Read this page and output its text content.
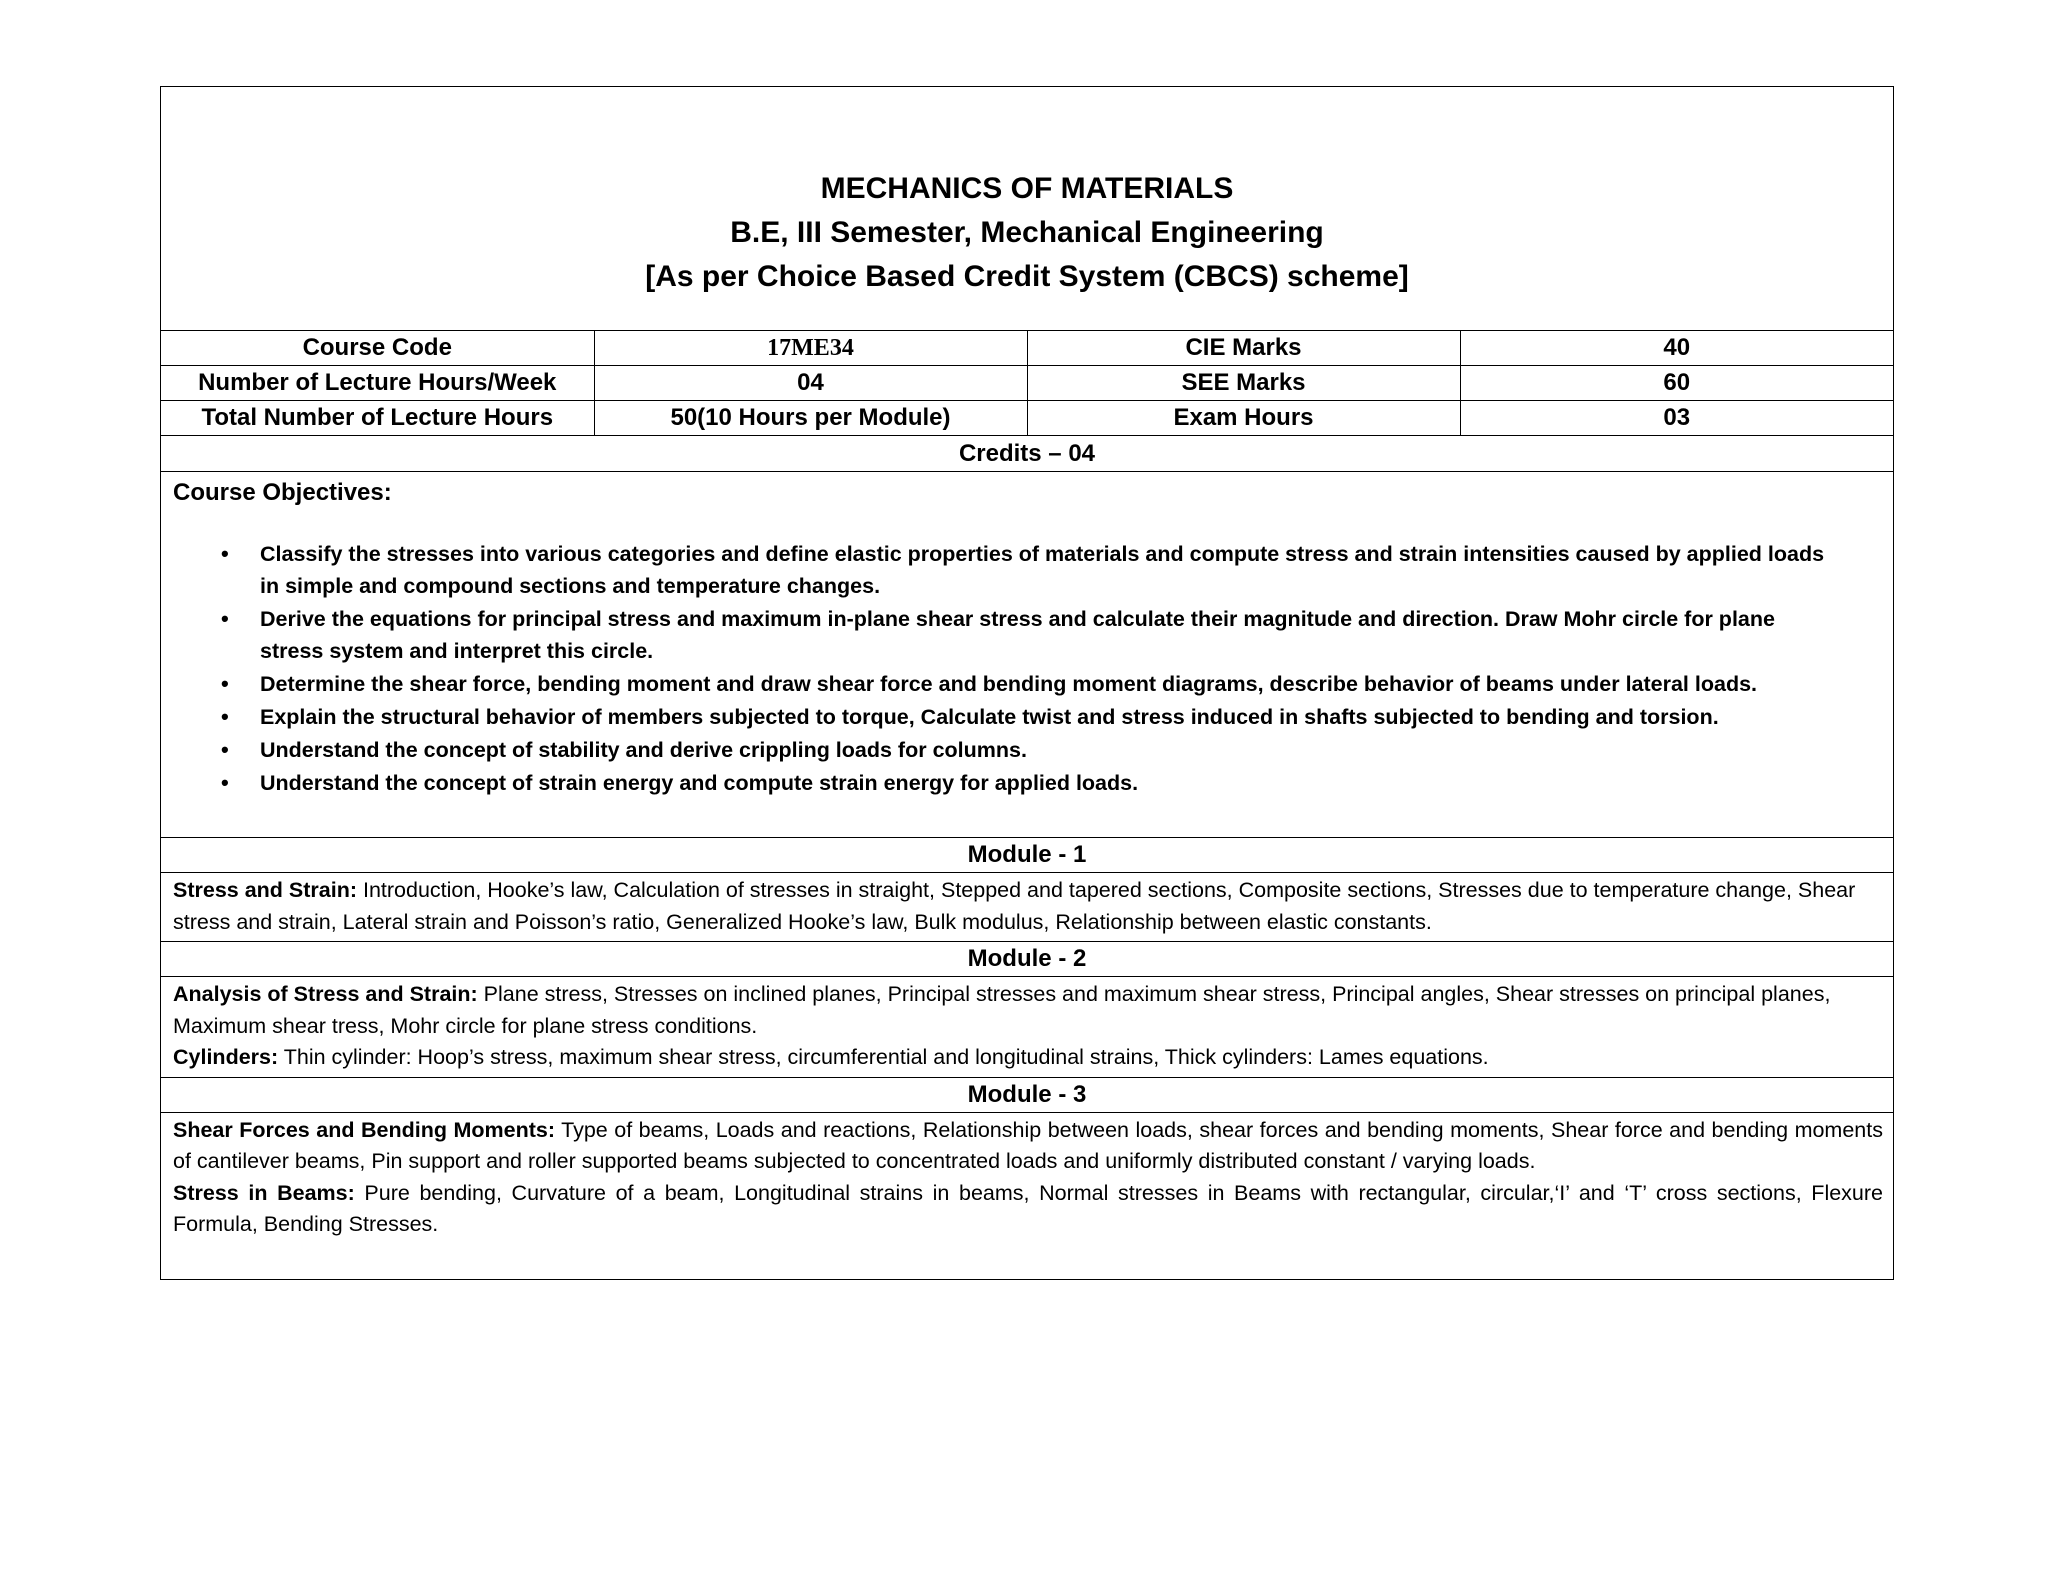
MECHANICS OF MATERIALS
B.E, III Semester, Mechanical Engineering
[As per Choice Based Credit System (CBCS) scheme]
Course Code	17ME34	CIE Marks	40
Number of Lecture Hours/Week	04	SEE Marks	60
Total Number of Lecture Hours	50(10 Hours per Module)	Exam Hours	03
Credits – 04
Course Objectives:
• Classify the stresses into various categories and define elastic properties of materials and compute stress and strain intensities caused by applied loads in simple and compound sections and temperature changes.
• Derive the equations for principal stress and maximum in-plane shear stress and calculate their magnitude and direction. Draw Mohr circle for plane stress system and interpret this circle.
• Determine the shear force, bending moment and draw shear force and bending moment diagrams, describe behavior of beams under lateral loads.
• Explain the structural behavior of members subjected to torque, Calculate twist and stress induced in shafts subjected to bending and torsion.
• Understand the concept of stability and derive crippling loads for columns.
• Understand the concept of strain energy and compute strain energy for applied loads.
Module - 1

Stress and Strain: Introduction, Hooke’s law, Calculation of stresses in straight, Stepped and tapered sections, Composite sections, Stresses due to temperature change, Shear stress and strain, Lateral strain and Poisson’s ratio, Generalized Hooke’s law, Bulk modulus, Relationship between elastic constants.

Module - 2

Analysis of Stress and Strain: Plane stress, Stresses on inclined planes, Principal stresses and maximum shear stress, Principal angles, Shear stresses on principal planes, Maximum shear tress, Mohr circle for plane stress conditions.

Cylinders: Thin cylinder: Hoop’s stress, maximum shear stress, circumferential and longitudinal strains, Thick cylinders: Lames equations.

Module - 3

Shear Forces and Bending Moments: Type of beams, Loads and reactions, Relationship between loads, shear forces and bending moments, Shear force and bending moments of cantilever beams, Pin support and roller supported beams subjected to concentrated loads and uniformly distributed constant / varying loads.

Stress in Beams: Pure bending, Curvature of a beam, Longitudinal strains in beams, Normal stresses in Beams with rectangular, circular,‘I’ and ‘T’ cross sections, Flexure Formula, Bending Stresses.
